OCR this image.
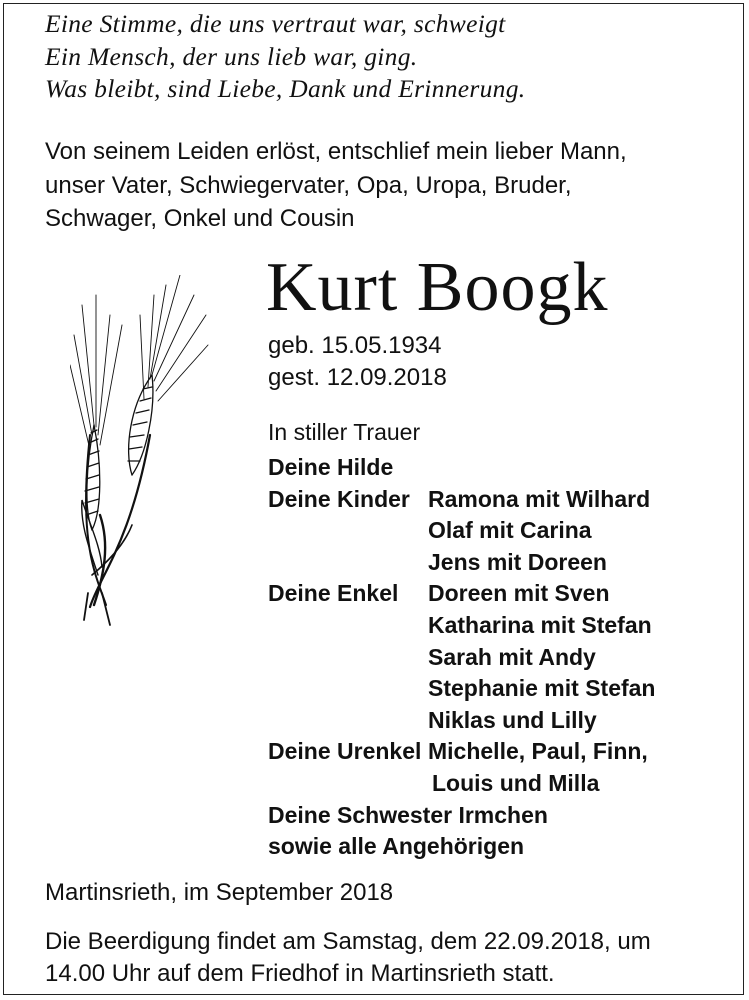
Eine Stimme, die uns vertraut war, schweigt
Ein Mensch, der uns lieb war, ging.
Was bleibt, sind Liebe, Dank und Erinnerung.
Von seinem Leiden erlöst, entschlief mein lieber Mann,
unser Vater, Schwiegervater, Opa, Uropa, Bruder,
Schwager, Onkel und Cousin
Kurt Boogk
geb. 15.05.1934
gest. 12.09.2018
In stiller Trauer
Deine Hilde
Deine Kinder Ramona mit Wilhard
Olaf mit Carina
Jens mit Doreen
Deine Enkel Doreen mit Sven
Katharina mit Stefan
Sarah mit Andy
Stephanie mit Stefan
Niklas und Lilly
Deine Urenkel Michelle, Paul, Finn,
Louis und Milla
Deine Schwester Irmchen
sowie alle Angehörigen
Martinsrieth, im September 2018
Die Beerdigung findet am Samstag, dem 22.09.2018, um
14.00 Uhr auf dem Friedhof in Martinsrieth statt.
